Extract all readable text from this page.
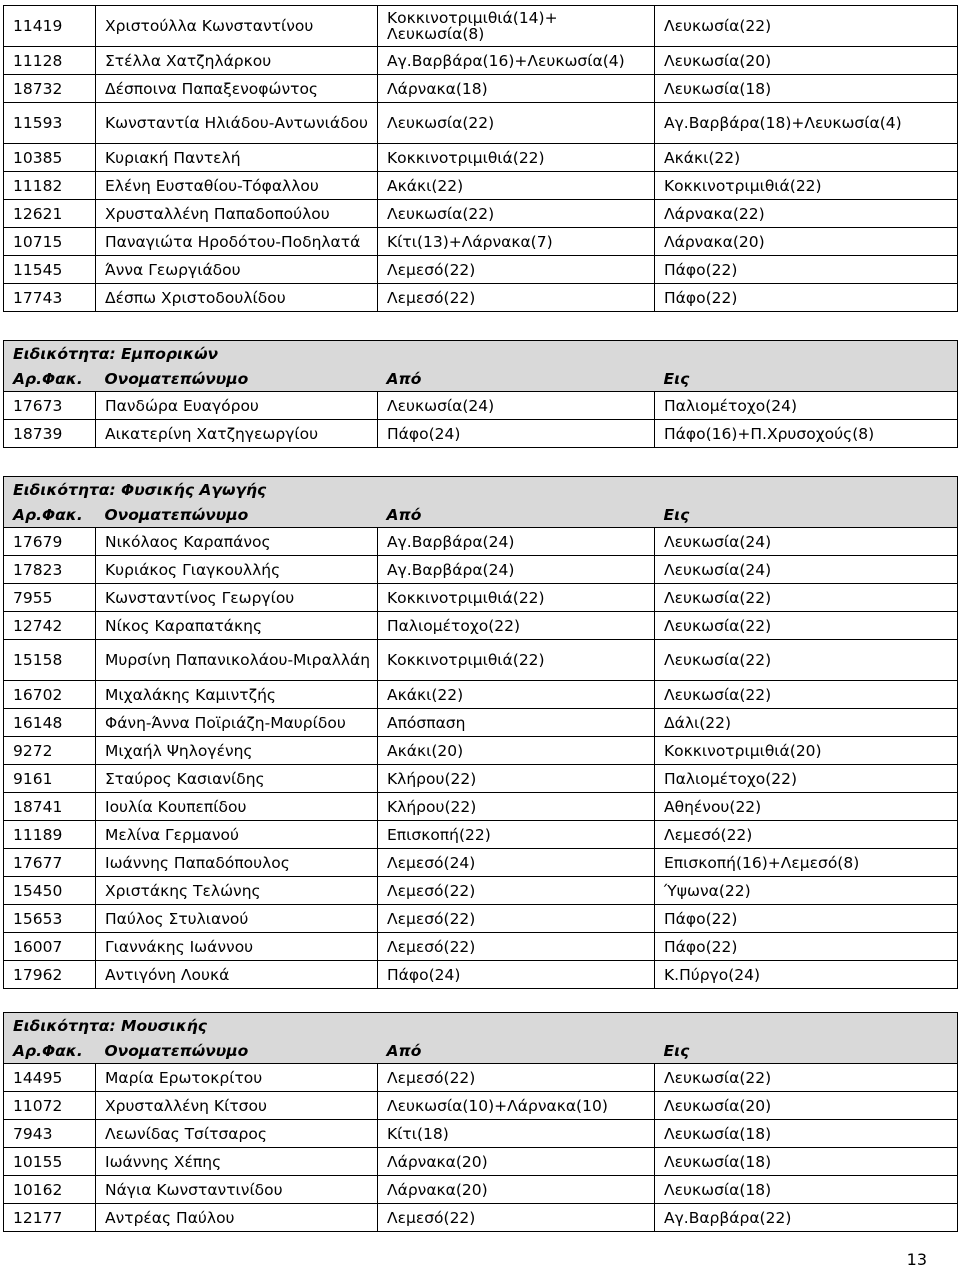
11419	Χριστούλλα Κωνσταντίνου	Κοκκινοτριμιθιά(14)+ Λευκωσία(8)	Λευκωσία(22)
11128	Στέλλα Χατζηλάρκου	Αγ.Βαρβάρα(16)+Λευκωσία(4)	Λευκωσία(20)
18732	Δέσποινα Παπαξενοφώντος	Λάρνακα(18)	Λευκωσία(18)
11593	Κωνσταντία Ηλιάδου-Αντωνιάδου	Λευκωσία(22)	Αγ.Βαρβάρα(18)+Λευκωσία(4)
10385	Κυριακή Παντελή	Κοκκινοτριμιθιά(22)	Ακάκι(22)
11182	Ελένη Ευσταθίου-Τόφαλλου	Ακάκι(22)	Κοκκινοτριμιθιά(22)
12621	Χρυσταλλένη Παπαδοπούλου	Λευκωσία(22)	Λάρνακα(22)
10715	Παναγιώτα Ηροδότου-Ποδηλατά	Κίτι(13)+Λάρνακα(7)	Λάρνακα(20)
11545	Άννα Γεωργιάδου	Λεμεσό(22)	Πάφο(22)
17743	Δέσπω Χριστοδουλίδου	Λεμεσό(22)	Πάφο(22)
Ειδικότητα: Εμπορικών			
Αρ.Φακ.	Ονοματεπώνυμο	Από	Εις
17673	Πανδώρα Ευαγόρου	Λευκωσία(24)	Παλιομέτοχο(24)
18739	Αικατερίνη Χατζηγεωργίου	Πάφο(24)	Πάφο(16)+Π.Χρυσοχούς(8)
Ειδικότητα: Φυσικής Αγωγής			
Αρ.Φακ.	Ονοματεπώνυμο	Από	Εις
17679	Νικόλαος Καραπάνος	Αγ.Βαρβάρα(24)	Λευκωσία(24)
17823	Κυριάκος Γιαγκουλλής	Αγ.Βαρβάρα(24)	Λευκωσία(24)
7955	Κωνσταντίνος Γεωργίου	Κοκκινοτριμιθιά(22)	Λευκωσία(22)
12742	Νίκος Καραπατάκης	Παλιομέτοχο(22)	Λευκωσία(22)
15158	Μυρσίνη Παπανικολάου-Μιραλλάη	Κοκκινοτριμιθιά(22)	Λευκωσία(22)
16702	Μιχαλάκης Καμιντζής	Ακάκι(22)	Λευκωσία(22)
16148	Φάνη-Άννα Ποϊριάζη-Μαυρίδου	Απόσπαση	Δάλι(22)
9272	Μιχαήλ Ψηλογένης	Ακάκι(20)	Κοκκινοτριμιθιά(20)
9161	Σταύρος Κασιανίδης	Κλήρου(22)	Παλιομέτοχο(22)
18741	Ιουλία Κουπεπίδου	Κλήρου(22)	Αθηένου(22)
11189	Μελίνα Γερμανού	Επισκοπή(22)	Λεμεσό(22)
17677	Ιωάννης Παπαδόπουλος	Λεμεσό(24)	Επισκοπή(16)+Λεμεσό(8)
15450	Χριστάκης Τελώνης	Λεμεσό(22)	Ύψωνα(22)
15653	Παύλος Στυλιανού	Λεμεσό(22)	Πάφο(22)
16007	Γιαννάκης Ιωάννου	Λεμεσό(22)	Πάφο(22)
17962	Αντιγόνη Λουκά	Πάφο(24)	Κ.Πύργο(24)
Ειδικότητα: Μουσικής			
Αρ.Φακ.	Ονοματεπώνυμο	Από	Εις
14495	Μαρία Ερωτοκρίτου	Λεμεσό(22)	Λευκωσία(22)
11072	Χρυσταλλένη Κίτσου	Λευκωσία(10)+Λάρνακα(10)	Λευκωσία(20)
7943	Λεωνίδας Τσίτσαρος	Κίτι(18)	Λευκωσία(18)
10155	Ιωάννης Χέπης	Λάρνακα(20)	Λευκωσία(18)
10162	Νάγια Κωνσταντινίδου	Λάρνακα(20)	Λευκωσία(18)
12177	Αντρέας Παύλου	Λεμεσό(22)	Αγ.Βαρβάρα(22)
13
